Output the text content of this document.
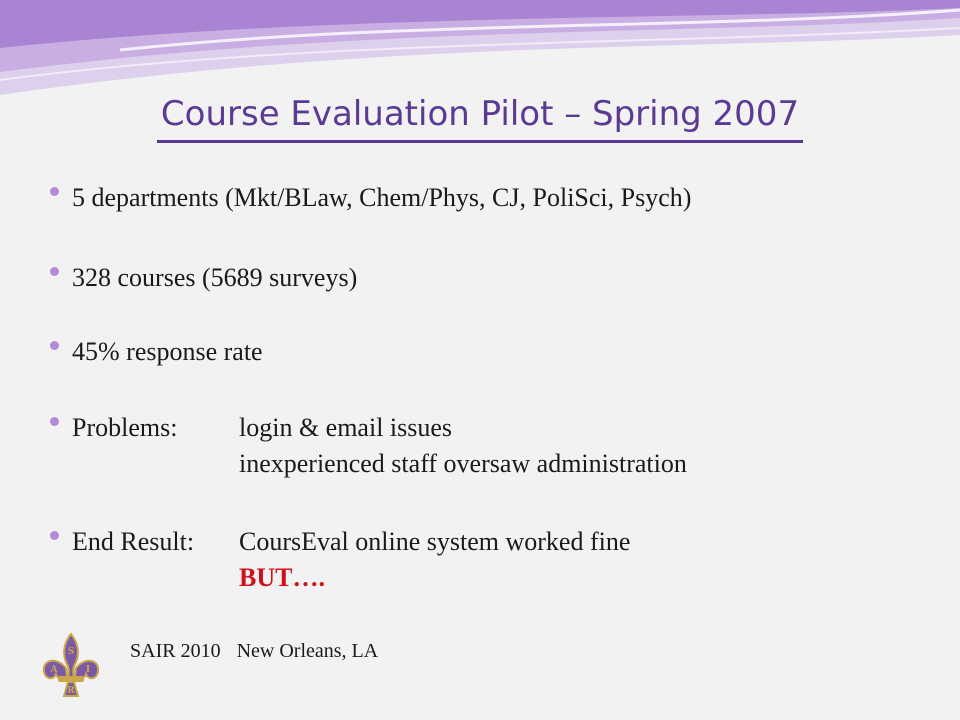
Course Evaluation Pilot – Spring 2007
5 departments (Mkt/BLaw, Chem/Phys, CJ, PoliSci, Psych)
328 courses (5689 surveys)
45% response rate
Problems:	login & email issues
inexperienced staff oversaw administration
End Result:	CoursEval online system worked fine
BUT….
S
A	I
R
SAIR 2010 New Orleans, LA
